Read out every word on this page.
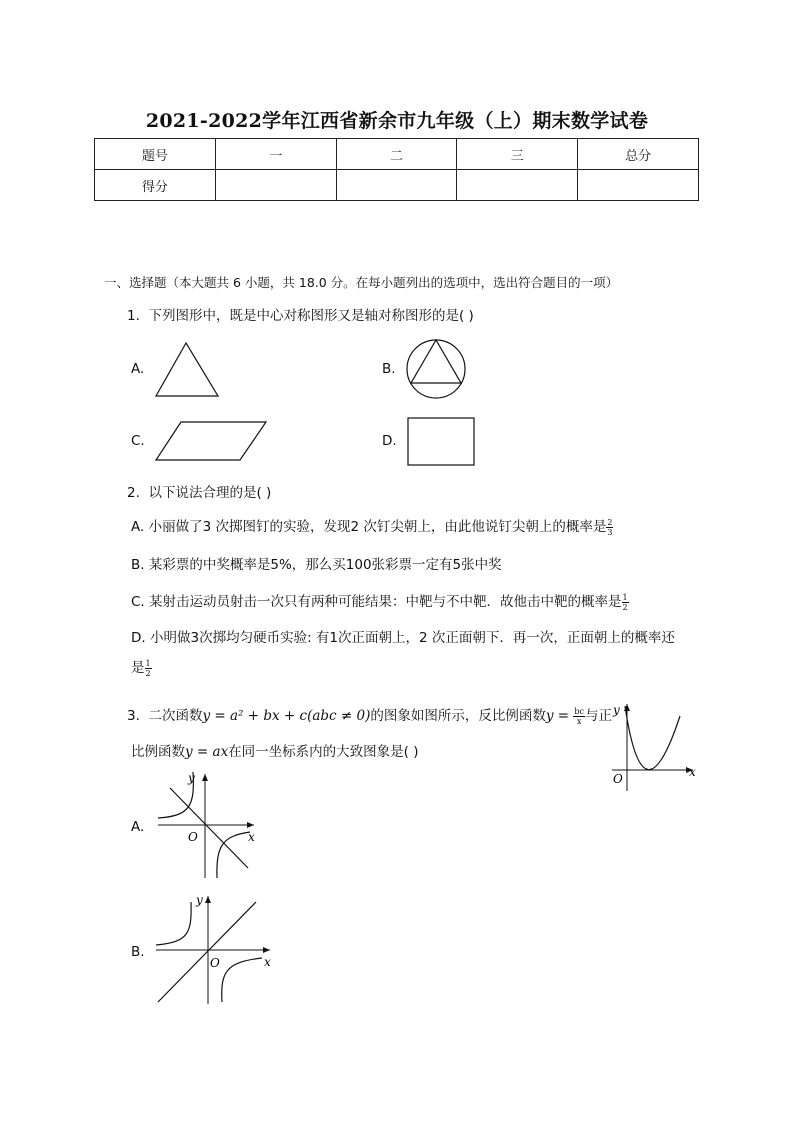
2021-2022学年江西省新余市九年级（上）期末数学试卷
题号	一	二	三	总分
得分				
一、选择题（本大题共 6 小题，共 18.0 分。在每小题列出的选项中，选出符合题目的一项）
1. 下列图形中，既是中心对称图形又是轴对称图形的是( )
A.	B.
C.	D.
2. 以下说法合理的是( )
A. 小丽做了3 次掷图钉的实验，发现2 次钉尖朝上，由此他说钉尖朝上的概率是 $\frac{2}{3}$
B. 某彩票的中奖概率是5%，那么买100张彩票一定有5张中奖
C. 某射击运动员射击一次只有两种可能结果：中靶与不中靶．故他击中靶的概率是 $\frac{1}{2}$
D. 小明做3次掷均匀硬币实验: 有1次正面朝上，2 次正面朝下．再一次，正面朝上的概率还
是 $\frac{1}{2}$
3. 二次函数y = a² + bx + c(abc ≠ 0)的图象如图所示，反比例函数$y = \frac{bc}{x}$ 与正
比例函数y = ax在同一坐标系内的大致图象是( )
y
x
O
A.
y
x
O
B.
y
x
O
